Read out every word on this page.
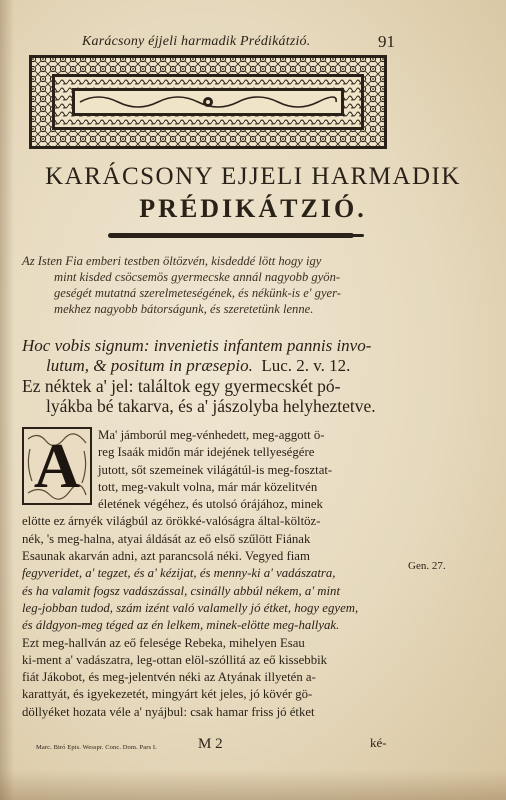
Karácsony éjjeli harmadik Prédikátzió.	91
KARÁCSONY EJJELI HARMADIK
PRÉDIKÁTZIÓ.
Az Isten Fia emberi testben öltözvén, kisdeddé lött hogy igy
mint kisded csöcsemös gyermecske annál nagyobb gyön-
geségét mutatná szerelmeteségének, és nékünk-is e' gyer-
mekhez nagyobb bátorságunk, és szeretetünk lenne.
Hoc vobis signum: invenietis infantem pannis invo-
lutum, & positum in præsepio. Luc. 2. v. 12.
Ez néktek a' jel: találtok egy gyermecskét pó-
lyákba bé takarva, és a' jászolyba helyheztetve.
A	Ma' jámborúl meg-vénhedett, meg-aggott ö-
reg Isaák midőn már idejének tellyeségére
jutott, sőt szemeinek világátúl-is meg-fosztat-
tott, meg-vakult volna, már már közelitvén
életének végéhez, és utolsó órájához, minek
elötte ez árnyék világbúl az örökké-valóságra által-költöz-
nék, 's meg-halna, atyai áldását az eő első szűlött Fiának
Esaunak akarván adni, azt parancsolá néki. Vegyed fiam
fegyveridet, a' tegzet, és a' kézijat, és menny-ki a' vadászatra,
és ha valamit fogsz vadászással, csinálly abbúl nékem, a' mint
leg-jobban tudod, szám izént való valamelly jó étket, hogy egyem,
és áldgyon-meg téged az én lelkem, minek-elötte meg-hallyak.
Ezt meg-hallván az eő felesége Rebeka, mihelyen Esau
ki-ment a' vadászatra, leg-ottan elöl-szóllitá az eő kissebbik
fiát Jákobot, és meg-jelentvén néki az Atyának illyetén a-
karattyát, és igyekezetét, mingyárt két jeles, jó kövér gö-
döllyéket hozata véle a' nyájbul: csak hamar friss jó étket
Gen. 27.
Marc. Biró Epis. Wesspr. Conc. Dom. Pars I.	M 2	ké-
